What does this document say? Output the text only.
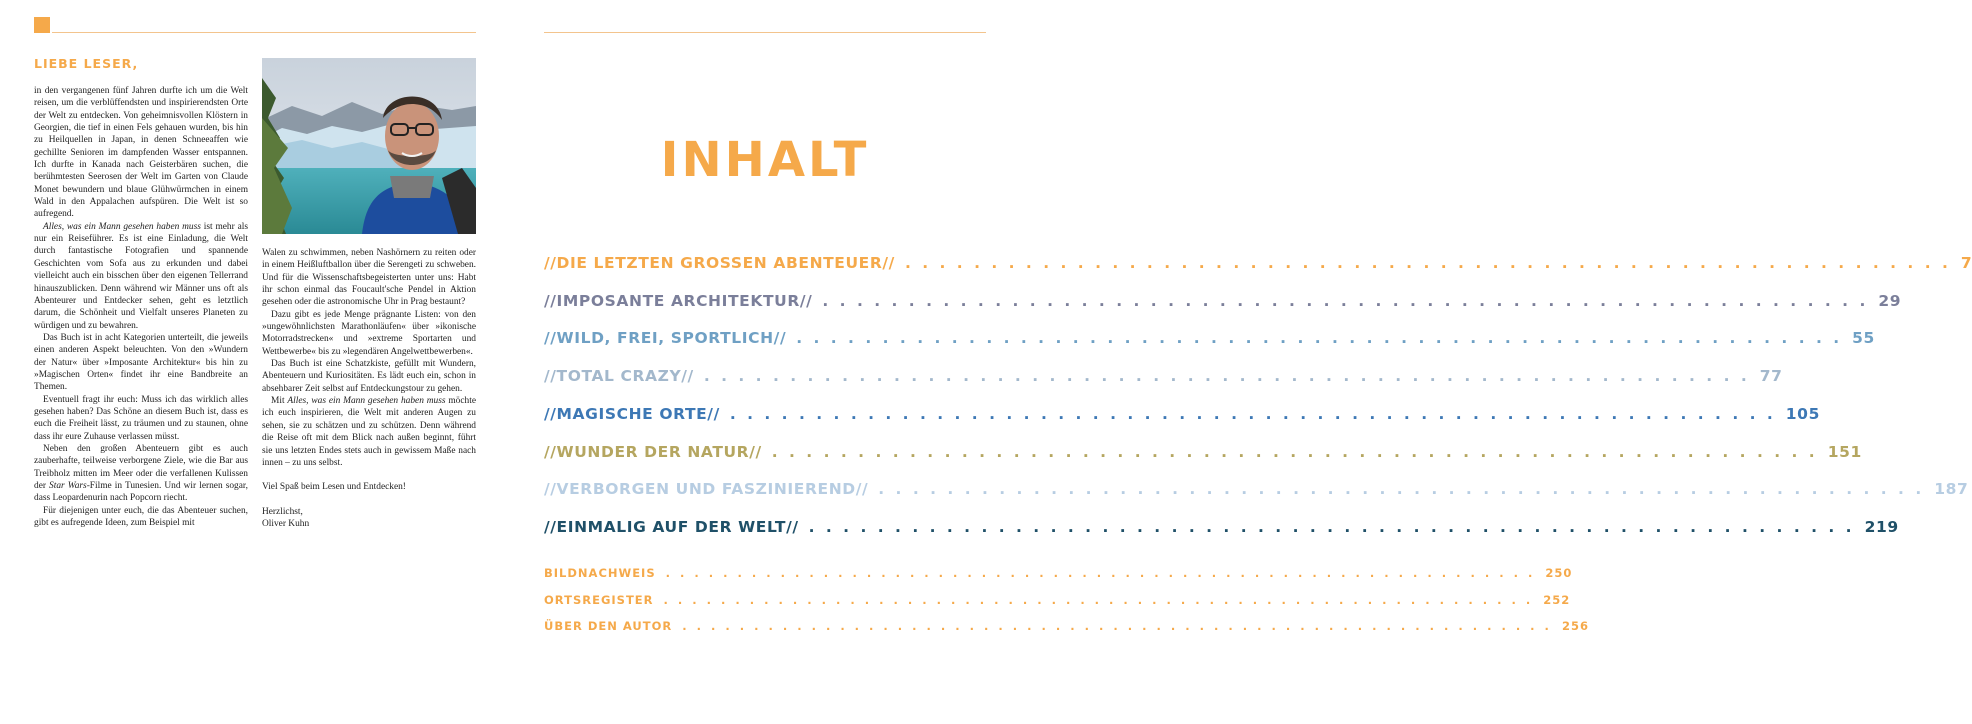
LIEBE LESER,

in den vergangenen fünf Jahren durfte ich um die Welt reisen, um die verblüffendsten und inspirierendsten Orte der Welt zu entdecken. Von geheimnisvollen Klöstern in Georgien, die tief in einen Fels gehauen wurden, bis hin zu Heilquellen in Japan, in denen Schneeaffen wie gechillte Senioren im dampfenden Wasser entspannen. Ich durfte in Kanada nach Geisterbären suchen, die berühmtesten Seerosen der Welt im Garten von Claude Monet bewundern und blaue Glühwürmchen in einem Wald in den Appalachen aufspüren. Die Welt ist so aufregend.

Alles, was ein Mann gesehen haben muss ist mehr als nur ein Reiseführer. Es ist eine Einladung, die Welt durch fantastische Fotografien und spannende Geschichten vom Sofa aus zu erkunden und dabei vielleicht auch ein bisschen über den eigenen Tellerrand hinauszublicken. Denn während wir Männer uns oft als Abenteurer und Entdecker sehen, geht es letztlich darum, die Schönheit und Vielfalt unseres Planeten zu würdigen und zu bewahren.

Das Buch ist in acht Kategorien unterteilt, die jeweils einen anderen Aspekt beleuchten. Von den »Wundern der Natur« über »Imposante Architektur« bis hin zu »Magischen Orten« findet ihr eine Bandbreite an Themen.

Eventuell fragt ihr euch: Muss ich das wirklich alles gesehen haben? Das Schöne an diesem Buch ist, dass es euch die Freiheit lässt, zu träumen und zu staunen, ohne dass ihr eure Zuhause verlassen müsst.

Neben den großen Abenteuern gibt es auch zauberhafte, teilweise verborgene Ziele, wie die Bar aus Treibholz mitten im Meer oder die verfallenen Kulissen der Star Wars-Filme in Tunesien. Und wir lernen sogar, dass Leopardenurin nach Popcorn riecht.

Für diejenigen unter euch, die das Abenteuer suchen, gibt es aufregende Ideen, zum Beispiel mit

Walen zu schwimmen, neben Nashörnern zu reiten oder in einem Heißluftballon über die Serengeti zu schweben. Und für die Wissenschaftsbegeisterten unter uns: Habt ihr schon einmal das Foucault'sche Pendel in Aktion gesehen oder die astronomische Uhr in Prag bestaunt?

Dazu gibt es jede Menge prägnante Listen: von den »ungewöhnlichsten Marathonläufen« über »ikonische Motorradstrecken« und »extreme Sportarten und Wettbewerbe« bis zu »legendären Angelwettbewerben«.

Das Buch ist eine Schatzkiste, gefüllt mit Wundern, Abenteuern und Kuriositäten. Es lädt euch ein, schon in absehbarer Zeit selbst auf Entdeckungstour zu gehen.

Mit Alles, was ein Mann gesehen haben muss möchte ich euch inspirieren, die Welt mit anderen Augen zu sehen, sie zu schätzen und zu schützen. Denn während die Reise oft mit dem Blick nach außen beginnt, führt sie uns letzten Endes stets auch in gewissem Maße nach innen – zu uns selbst.

Viel Spaß beim Lesen und Entdecken!

Herzlichst,

Oliver Kuhn

INHALT
//DIE LETZTEN GROSSEN ABENTEUER// . . . . . . . . . . . . . . . . . . . . . . . . . . . . . . . . . . . . . . . . . . . . . . . . . . . . . . . . . . . . . 7
//IMPOSANTE ARCHITEKTUR// . . . . . . . . . . . . . . . . . . . . . . . . . . . . . . . . . . . . . . . . . . . . . . . . . . . . . . . . . . . . . 29
//WILD, FREI, SPORTLICH// . . . . . . . . . . . . . . . . . . . . . . . . . . . . . . . . . . . . . . . . . . . . . . . . . . . . . . . . . . . . . 55
//TOTAL CRAZY// . . . . . . . . . . . . . . . . . . . . . . . . . . . . . . . . . . . . . . . . . . . . . . . . . . . . . . . . . . . . . 77
//MAGISCHE ORTE// . . . . . . . . . . . . . . . . . . . . . . . . . . . . . . . . . . . . . . . . . . . . . . . . . . . . . . . . . . . . . 105
//WUNDER DER NATUR// . . . . . . . . . . . . . . . . . . . . . . . . . . . . . . . . . . . . . . . . . . . . . . . . . . . . . . . . . . . . . 151
//VERBORGEN UND FASZINIEREND// . . . . . . . . . . . . . . . . . . . . . . . . . . . . . . . . . . . . . . . . . . . . . . . . . . . . . . . . . . . . . 187
//EINMALIG AUF DER WELT// . . . . . . . . . . . . . . . . . . . . . . . . . . . . . . . . . . . . . . . . . . . . . . . . . . . . . . . . . . . . . 219
BILDNACHWEIS . . . . . . . . . . . . . . . . . . . . . . . . . . . . . . . . . . . . . . . . . . . . . . . . . . . . . . . . . . . . . 250
ORTSREGISTER . . . . . . . . . . . . . . . . . . . . . . . . . . . . . . . . . . . . . . . . . . . . . . . . . . . . . . . . . . . . . 252
ÜBER DEN AUTOR . . . . . . . . . . . . . . . . . . . . . . . . . . . . . . . . . . . . . . . . . . . . . . . . . . . . . . . . . . . . . 256
